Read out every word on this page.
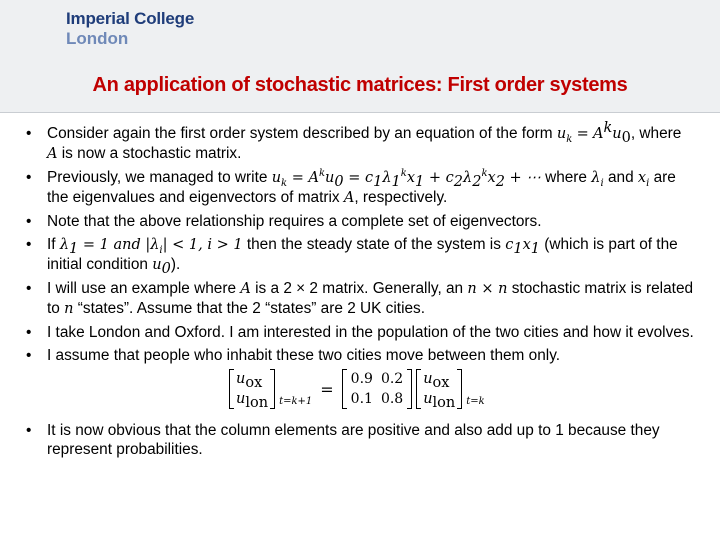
Imperial College
London
An application of stochastic matrices: First order systems
• Consider again the first order system described by an equation of the form $u_k = A^ku_0$, where A is now a stochastic matrix.
• Previously, we managed to write $u_k = A^ku_0 = c_1\lambda_1^kx_1 + c_2\lambda_2^kx_2$ + ⋯ where $\lambda_i$ and $x_i$ are the eigenvalues and eigenvectors of matrix A, respectively.
• Note that the above relationship requires a complete set of eigenvectors.
• If $\lambda_1 = 1$ and $|\lambda_i| < 1$, i > 1 then the steady state of the system is $c_1x_1$ (which is part of the initial condition $u_0$).
• I will use an example where A is a 2 × 2 matrix. Generally, an n × n stochastic matrix is related to n “states”. Assume that the 2 “states” are 2 UK cities.
• I take London and Oxford. I am interested in the population of the two cities and how it evolves.
• I assume that people who inhabit these two cities move between them only.
$u_{ox}$
$u_{lon}$ t=k+1
=
0.9
0.1
0.2
0.8
$u_{ox}$
$u_{lon}$ t=k
• It is now obvious that the column elements are positive and also add up to 1 because they represent probabilities.
